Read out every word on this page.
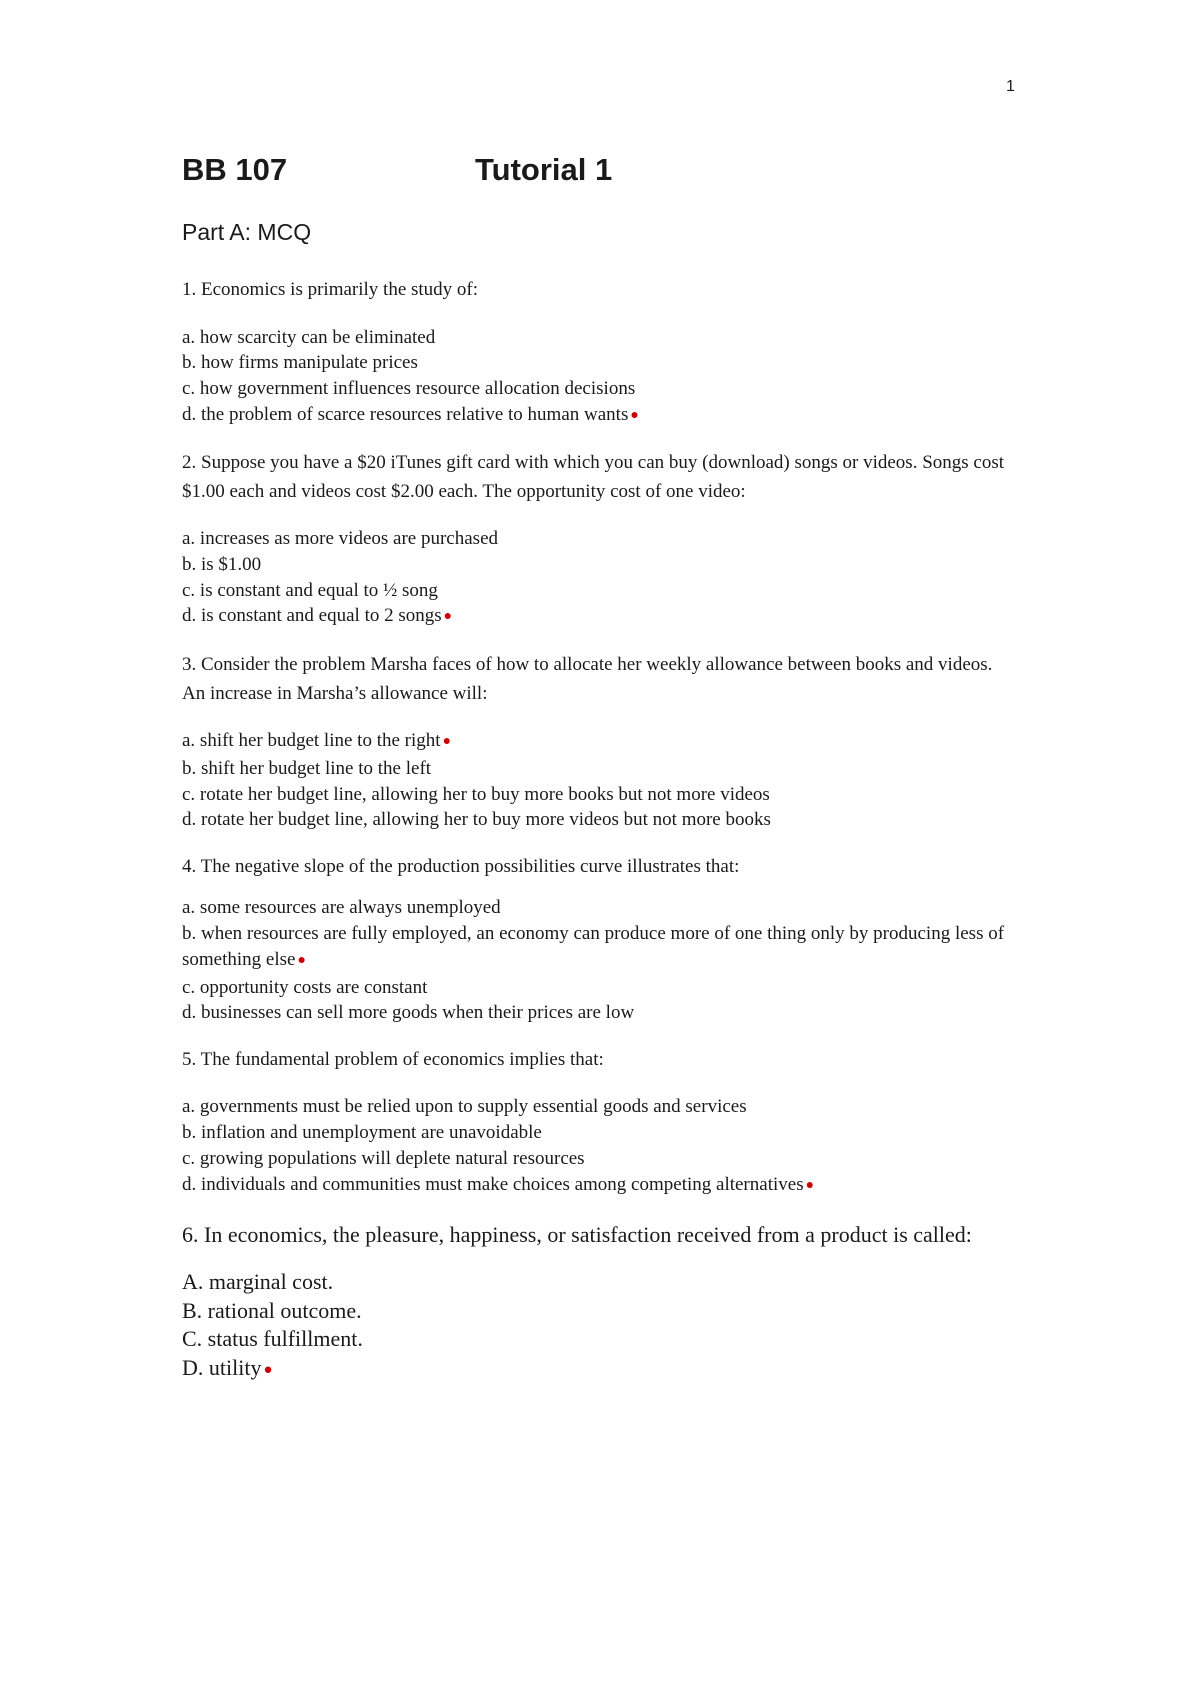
1
BB 107	Tutorial 1
Part A: MCQ

1. Economics is primarily the study of:

a. how scarcity can be eliminated
b. how firms manipulate prices
c. how government influences resource allocation decisions
d. the problem of scarce resources relative to human wants ●

2. Suppose you have a $20 iTunes gift card with which you can buy (download) songs or videos. Songs cost $1.00 each and videos cost $2.00 each. The opportunity cost of one video:

a. increases as more videos are purchased
b. is $1.00
c. is constant and equal to ½ song
d. is constant and equal to 2 songs ●

3. Consider the problem Marsha faces of how to allocate her weekly allowance between books and videos. An increase in Marsha’s allowance will:

a. shift her budget line to the right ●
b. shift her budget line to the left
c. rotate her budget line, allowing her to buy more books but not more videos
d. rotate her budget line, allowing her to buy more videos but not more books

4. The negative slope of the production possibilities curve illustrates that:

a. some resources are always unemployed
b. when resources are fully employed, an economy can produce more of one thing only by producing less of something else ●
c. opportunity costs are constant
d. businesses can sell more goods when their prices are low

5. The fundamental problem of economics implies that:

a. governments must be relied upon to supply essential goods and services
b. inflation and unemployment are unavoidable
c. growing populations will deplete natural resources
d. individuals and communities must make choices among competing alternatives ●

6. In economics, the pleasure, happiness, or satisfaction received from a product is called:

A. marginal cost.
B. rational outcome.
C. status fulfillment.
D. utility ●
